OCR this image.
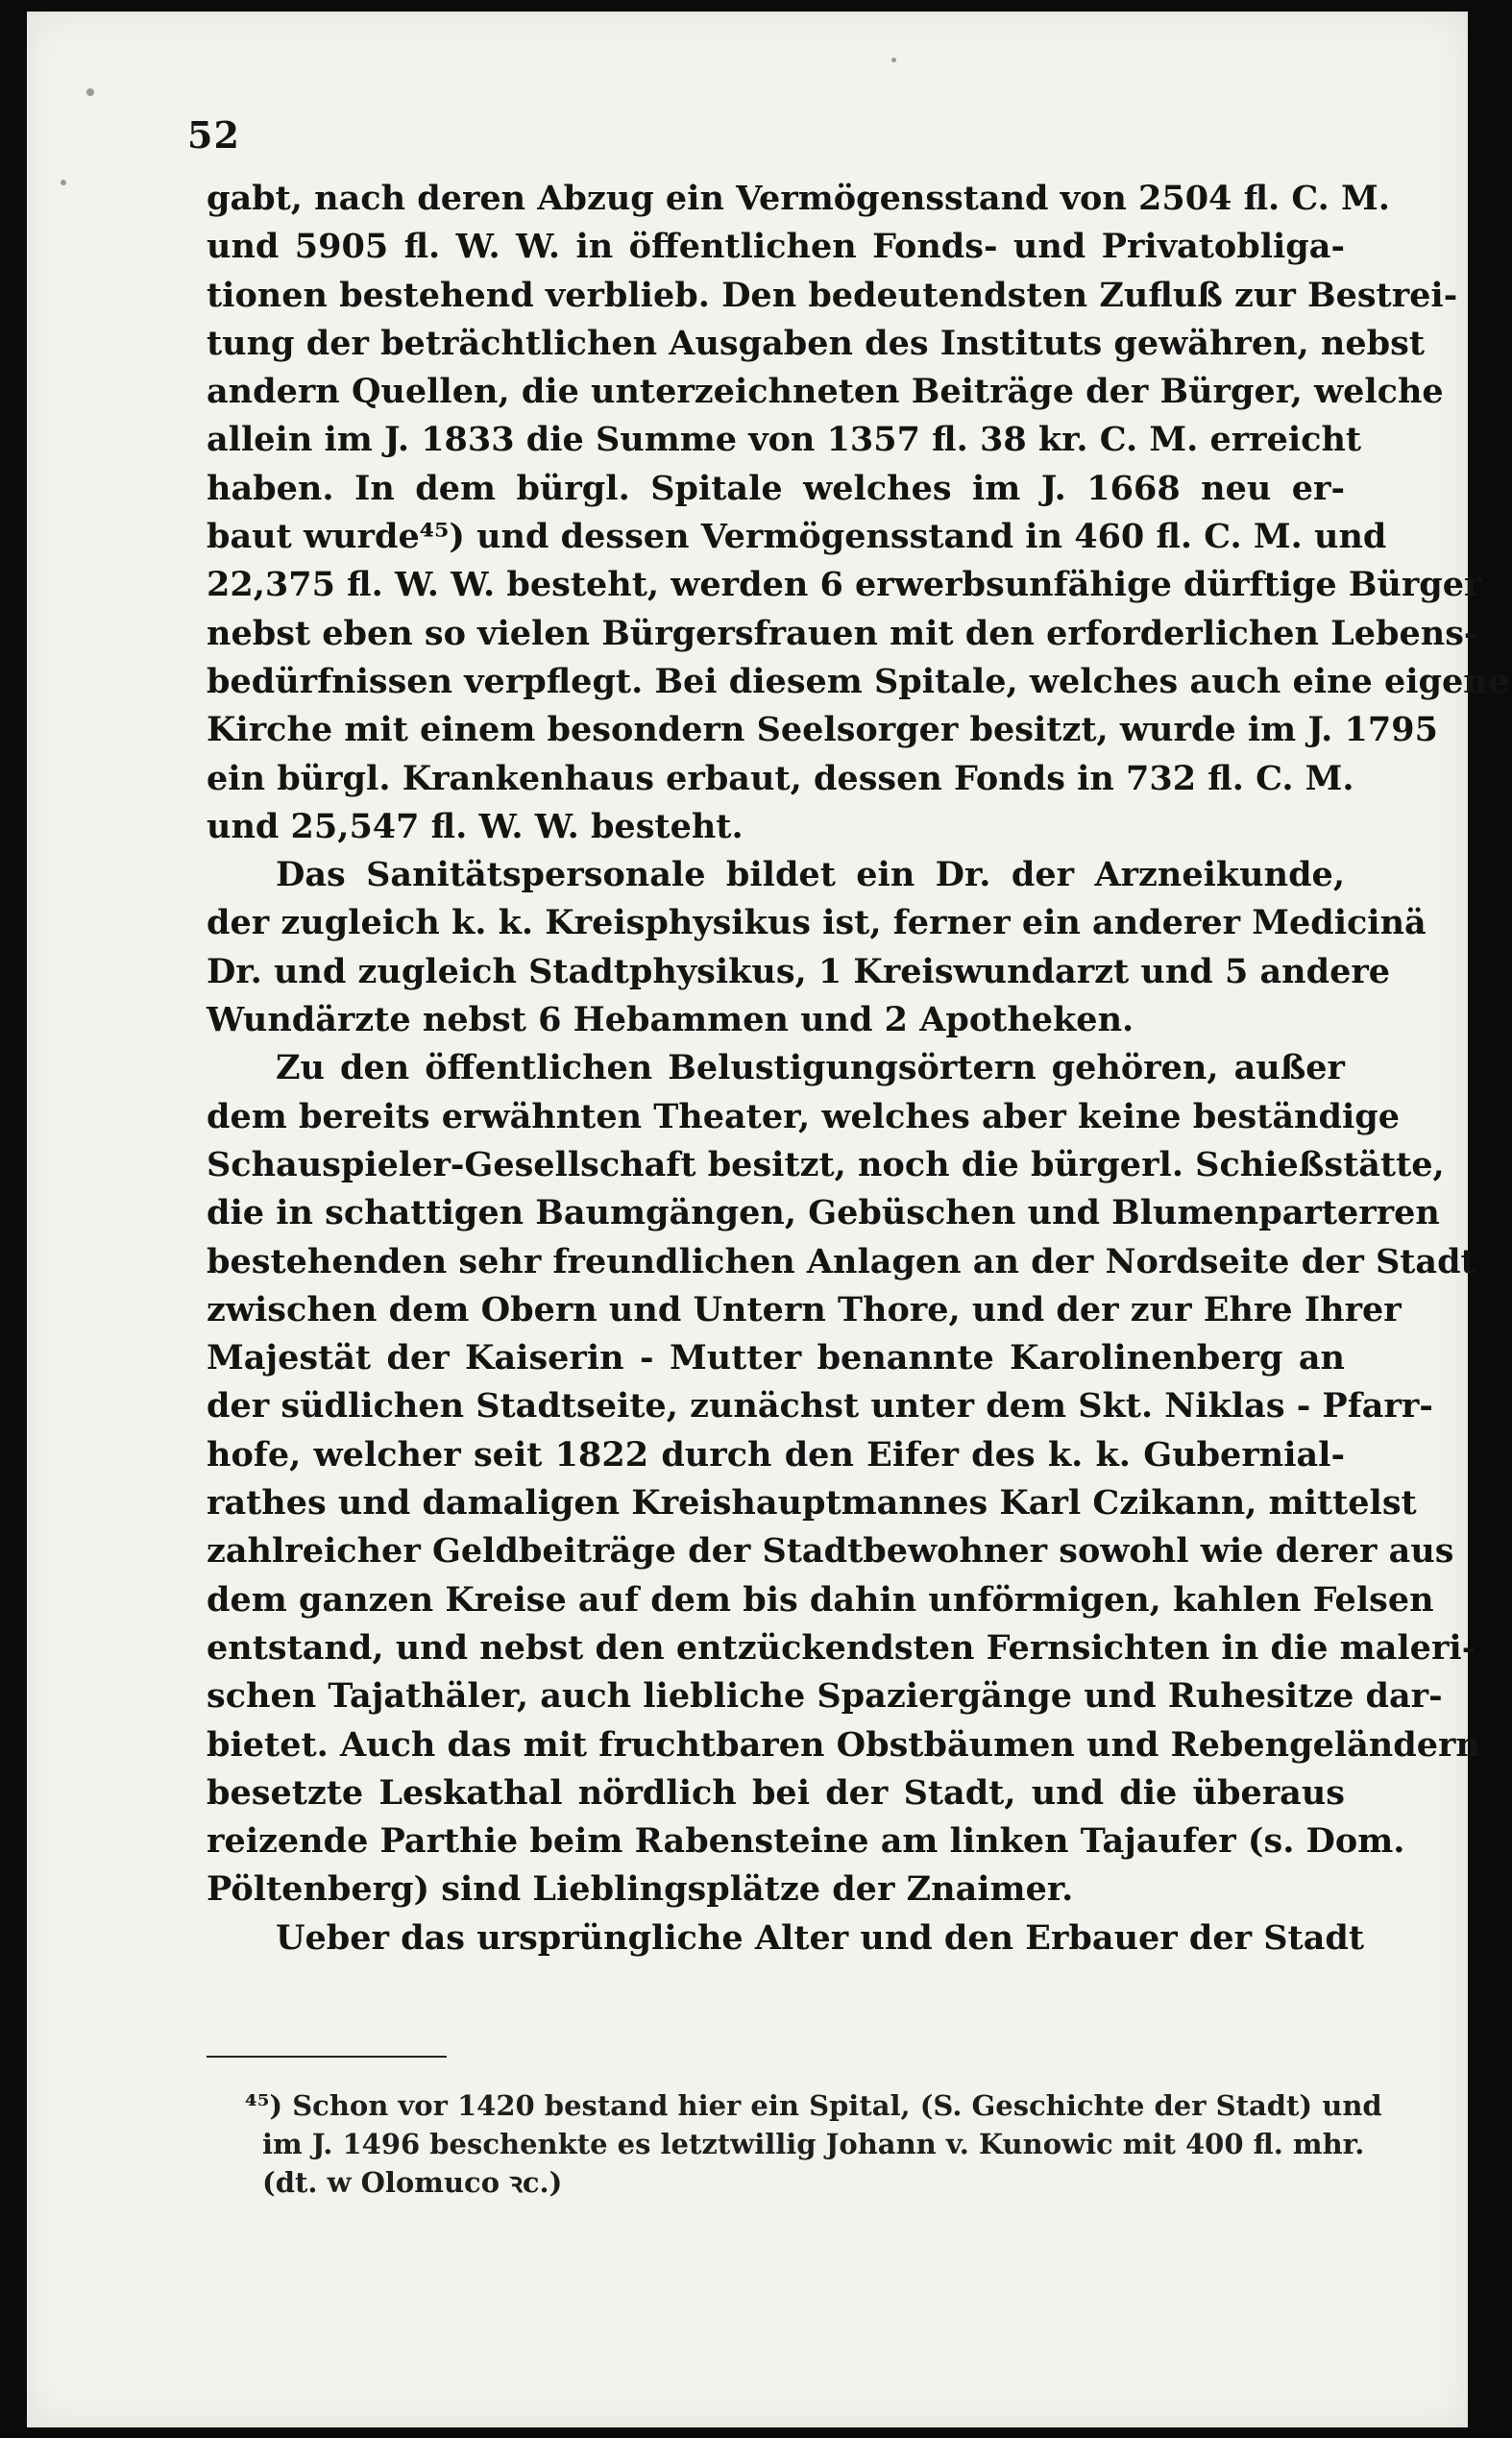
52
gabt, nach deren Abzug ein Vermögensstand von 2504 fl. C. M.
und 5905 fl. W. W. in öffentlichen Fonds- und Privatobliga-
tionen bestehend verblieb. Den bedeutendsten Zufluß zur Bestrei-
tung der beträchtlichen Ausgaben des Instituts gewähren, nebst
andern Quellen, die unterzeichneten Beiträge der Bürger, welche
allein im J. 1833 die Summe von 1357 fl. 38 kr. C. M. erreicht
haben. In dem bürgl. Spitale welches im J. 1668 neu er-
baut wurde⁴⁵) und dessen Vermögensstand in 460 fl. C. M. und
22,375 fl. W. W. besteht, werden 6 erwerbsunfähige dürftige Bürger
nebst eben so vielen Bürgersfrauen mit den erforderlichen Lebens-
bedürfnissen verpflegt. Bei diesem Spitale, welches auch eine eigene
Kirche mit einem besondern Seelsorger besitzt, wurde im J. 1795
ein bürgl. Krankenhaus erbaut, dessen Fonds in 732 fl. C. M.
und 25,547 fl. W. W. besteht.
Das Sanitätspersonale bildet ein Dr. der Arzneikunde,
der zugleich k. k. Kreisphysikus ist, ferner ein anderer Medicinä
Dr. und zugleich Stadtphysikus, 1 Kreiswundarzt und 5 andere
Wundärzte nebst 6 Hebammen und 2 Apotheken.
Zu den öffentlichen Belustigungsörtern gehören, außer
dem bereits erwähnten Theater, welches aber keine beständige
Schauspieler-Gesellschaft besitzt, noch die bürgerl. Schießstätte,
die in schattigen Baumgängen, Gebüschen und Blumenparterren
bestehenden sehr freundlichen Anlagen an der Nordseite der Stadt
zwischen dem Obern und Untern Thore, und der zur Ehre Ihrer
Majestät der Kaiserin - Mutter benannte Karolinenberg an
der südlichen Stadtseite, zunächst unter dem Skt. Niklas - Pfarr-
hofe, welcher seit 1822 durch den Eifer des k. k. Gubernial-
rathes und damaligen Kreishauptmannes Karl Czikann, mittelst
zahlreicher Geldbeiträge der Stadtbewohner sowohl wie derer aus
dem ganzen Kreise auf dem bis dahin unförmigen, kahlen Felsen
entstand, und nebst den entzückendsten Fernsichten in die maleri-
schen Tajathäler, auch liebliche Spaziergänge und Ruhesitze dar-
bietet. Auch das mit fruchtbaren Obstbäumen und Rebengeländern
besetzte Leskathal nördlich bei der Stadt, und die überaus
reizende Parthie beim Rabensteine am linken Tajaufer (s. Dom.
Pöltenberg) sind Lieblingsplätze der Znaimer.
Ueber das ursprüngliche Alter und den Erbauer der Stadt
⁴⁵) Schon vor 1420 bestand hier ein Spital, (S. Geschichte der Stadt) und
im J. 1496 beschenkte es letztwillig Johann v. Kunowic mit 400 fl. mhr.
(dt. w Olomuco ꝛc.)
